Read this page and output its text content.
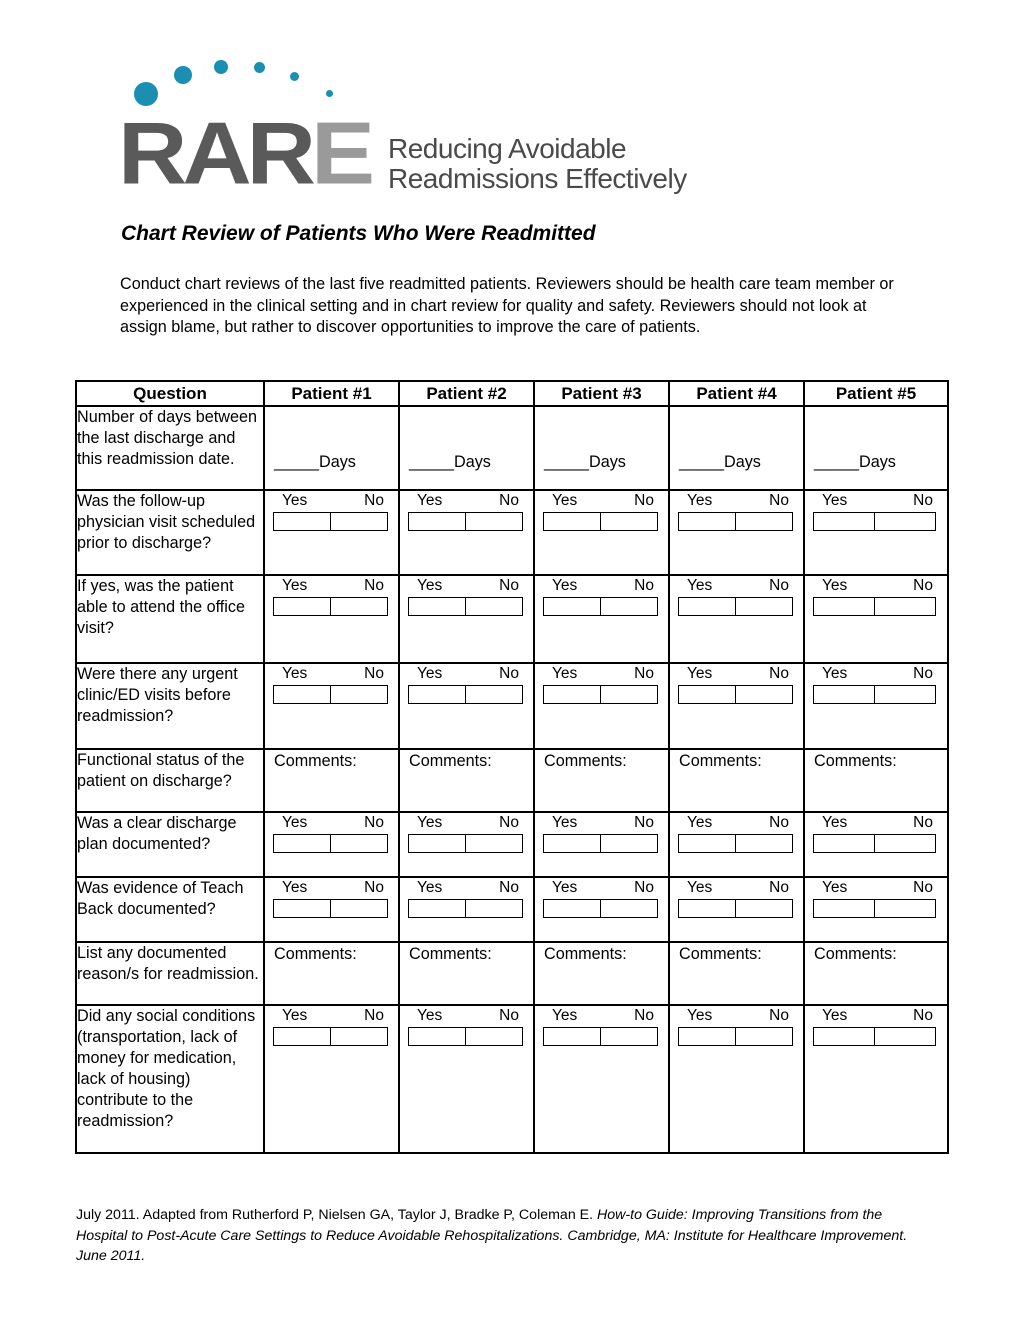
RARE Reducing Avoidable
Readmissions Effectively
Chart Review of Patients Who Were Readmitted

Conduct chart reviews of the last five readmitted patients. Reviewers should be health care team member or experienced in the clinical setting and in chart review for quality and safety. Reviewers should not look at assign blame, but rather to discover opportunities to improve the care of patients.

Question	Patient #1	Patient #2	Patient #3	Patient #4	Patient #5
Number of days between the last discharge and this readmission date.	_____Days	_____Days	_____Days	_____Days	_____Days

Was the follow-up physician visit scheduled prior to discharge?	Yes No	Yes No	Yes No	Yes No	Yes No

If yes, was the patient able to attend the office visit?	Yes No	Yes No	Yes No	Yes No	Yes No

Were there any urgent clinic/ED visits before readmission?	Yes No	Yes No	Yes No	Yes No	Yes No

Functional status of the patient on discharge?	Comments:	Comments:	Comments:	Comments:	Comments:

Was a clear discharge plan documented?	Yes No	Yes No	Yes No	Yes No	Yes No

Was evidence of Teach Back documented?	Yes No	Yes No	Yes No	Yes No	Yes No

List any documented reason/s for readmission.	Comments:	Comments:	Comments:	Comments:	Comments:

Did any social conditions (transportation, lack of money for medication, lack of housing) contribute to the readmission?	Yes No	Yes No	Yes No	Yes No	Yes No

July 2011. Adapted from Rutherford P, Nielsen GA, Taylor J, Bradke P, Coleman E. How-to Guide: Improving Transitions from the Hospital to Post-Acute Care Settings to Reduce Avoidable Rehospitalizations. Cambridge, MA: Institute for Healthcare Improvement. June 2011.
